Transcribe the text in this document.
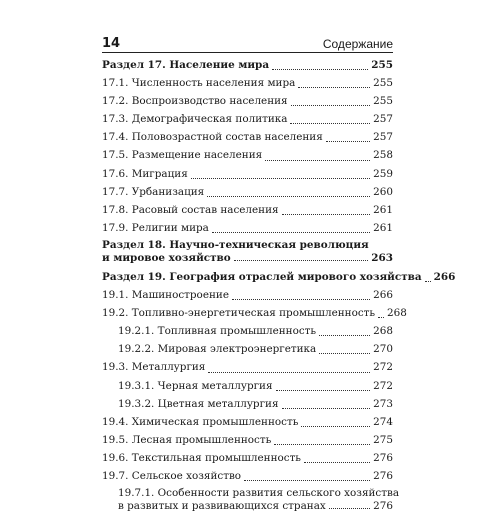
14	Содержание
Раздел 17. Население мира	255
17.1. Численность населения мира	255
17.2. Воспроизводство населения	255
17.3. Демографическая политика	257
17.4. Половозрастной состав населения	257
17.5. Размещение населения	258
17.6. Миграция	259
17.7. Урбанизация	260
17.8. Расовый состав населения	261
17.9. Религии мира	261
Раздел 18. Научно-техническая революция
и мировое хозяйство	263
Раздел 19. География отраслей мирового хозяйства 266
19.1. Машиностроение	266
19.2. Топливно-энергетическая промышленность 268
19.2.1. Топливная промышленность	268
19.2.2. Мировая электроэнергетика	270
19.3. Металлургия	272
19.3.1. Черная металлургия	272
19.3.2. Цветная металлургия	273
19.4. Химическая промышленность	274
19.5. Лесная промышленность	275
19.6. Текстильная промышленность	276
19.7. Сельское хозяйство	276
19.7.1. Особенности развития сельского хозяйства
в развитых и развивающихся странах	276
